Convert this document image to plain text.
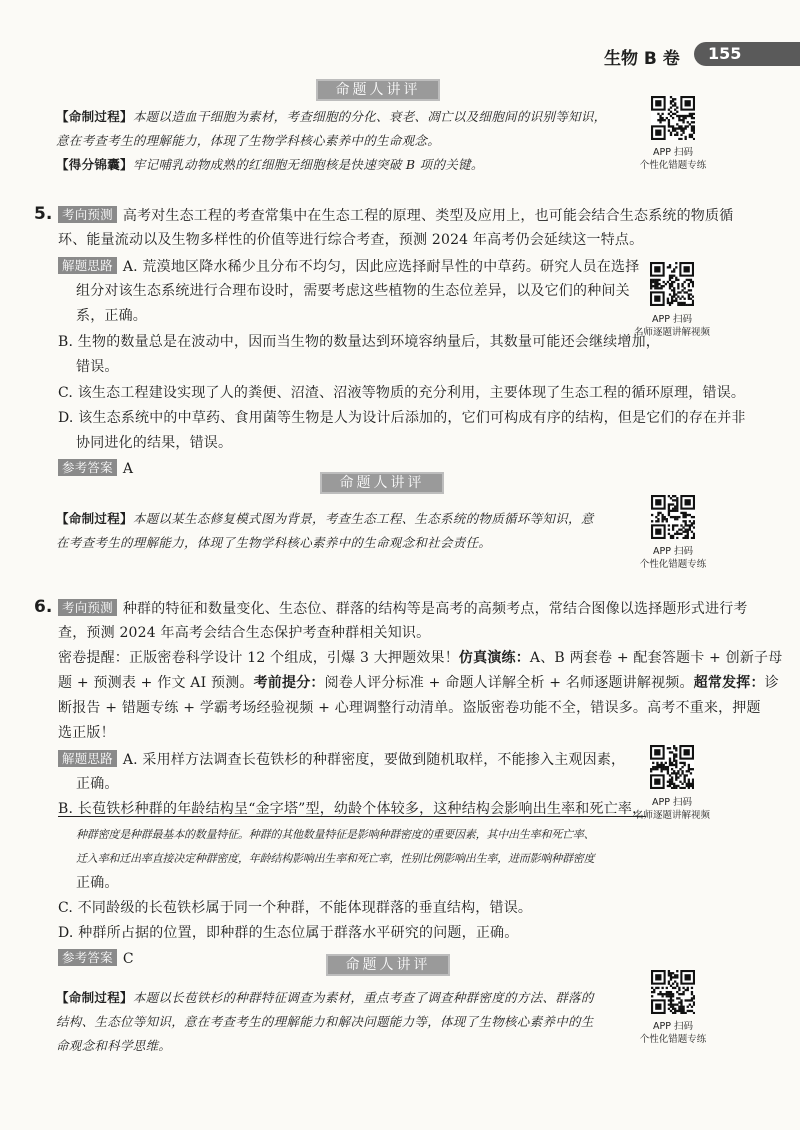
生物 B 卷 155
命题人讲评
【命制过程】本题以造血干细胞为素材，考查细胞的分化、衰老、凋亡以及细胞间的识别等知识，
意在考查考生的理解能力，体现了生物学科核心素养中的生命观念。
【得分锦囊】牢记哺乳动物成熟的红细胞无细胞核是快速突破 B 项的关键。
APP 扫码
个性化错题专练
5. 考向预测 高考对生态工程的考查常集中在生态工程的原理、类型及应用上，也可能会结合生态系统的物质循
环、能量流动以及生物多样性的价值等进行综合考查，预测 2024 年高考仍会延续这一特点。
解题思路 A. 荒漠地区降水稀少且分布不均匀，因此应选择耐旱性的中草药。研究人员在选择
组分对该生态系统进行合理布设时，需要考虑这些植物的生态位差异，以及它们的种间关
系，正确。
B. 生物的数量总是在波动中，因而当生物的数量达到环境容纳量后，其数量可能还会继续增加，
错误。
C. 该生态工程建设实现了人的粪便、沼渣、沼液等物质的充分利用，主要体现了生态工程的循环原理，错误。
D. 该生态系统中的中草药、食用菌等生物是人为设计后添加的，它们可构成有序的结构，但是它们的存在并非
协同进化的结果，错误。
参考答案 A
APP 扫码
名师逐题讲解视频
命题人讲评
【命制过程】本题以某生态修复模式图为背景，考查生态工程、生态系统的物质循环等知识，意
在考查考生的理解能力，体现了生物学科核心素养中的生命观念和社会责任。
APP 扫码
个性化错题专练
6. 考向预测 种群的特征和数量变化、生态位、群落的结构等是高考的高频考点，常结合图像以选择题形式进行考
查，预测 2024 年高考会结合生态保护考查种群相关知识。
密卷提醒：正版密卷科学设计 12 个组成，引爆 3 大押题效果！仿真演练：A、B 两套卷 + 配套答题卡 + 创新子母
题 + 预测表 + 作文 AI 预测。考前提分：阅卷人评分标准 + 命题人详解全析 + 名师逐题讲解视频。超常发挥：诊
断报告 + 错题专练 + 学霸考场经验视频 + 心理调整行动清单。盗版密卷功能不全，错误多。高考不重来，押题
选正版！
解题思路 A. 采用样方法调查长苞铁杉的种群密度，要做到随机取样，不能掺入主观因素，
正确。
B. 长苞铁杉种群的年龄结构呈“金字塔”型，幼龄个体较多，这种结构会影响出生率和死亡率，
种群密度是种群最基本的数量特征。种群的其他数量特征是影响种群密度的重要因素，其中出生率和死亡率、
迁入率和迁出率直接决定种群密度，年龄结构影响出生率和死亡率，性别比例影响出生率，进而影响种群密度
正确。
C. 不同龄级的长苞铁杉属于同一个种群，不能体现群落的垂直结构，错误。
D. 种群所占据的位置，即种群的生态位属于群落水平研究的问题，正确。
参考答案 C
APP 扫码
名师逐题讲解视频
命题人讲评
【命制过程】本题以长苞铁杉的种群特征调查为素材，重点考查了调查种群密度的方法、群落的
结构、生态位等知识，意在考查考生的理解能力和解决问题能力等，体现了生物核心素养中的生
命观念和科学思维。
APP 扫码
个性化错题专练
